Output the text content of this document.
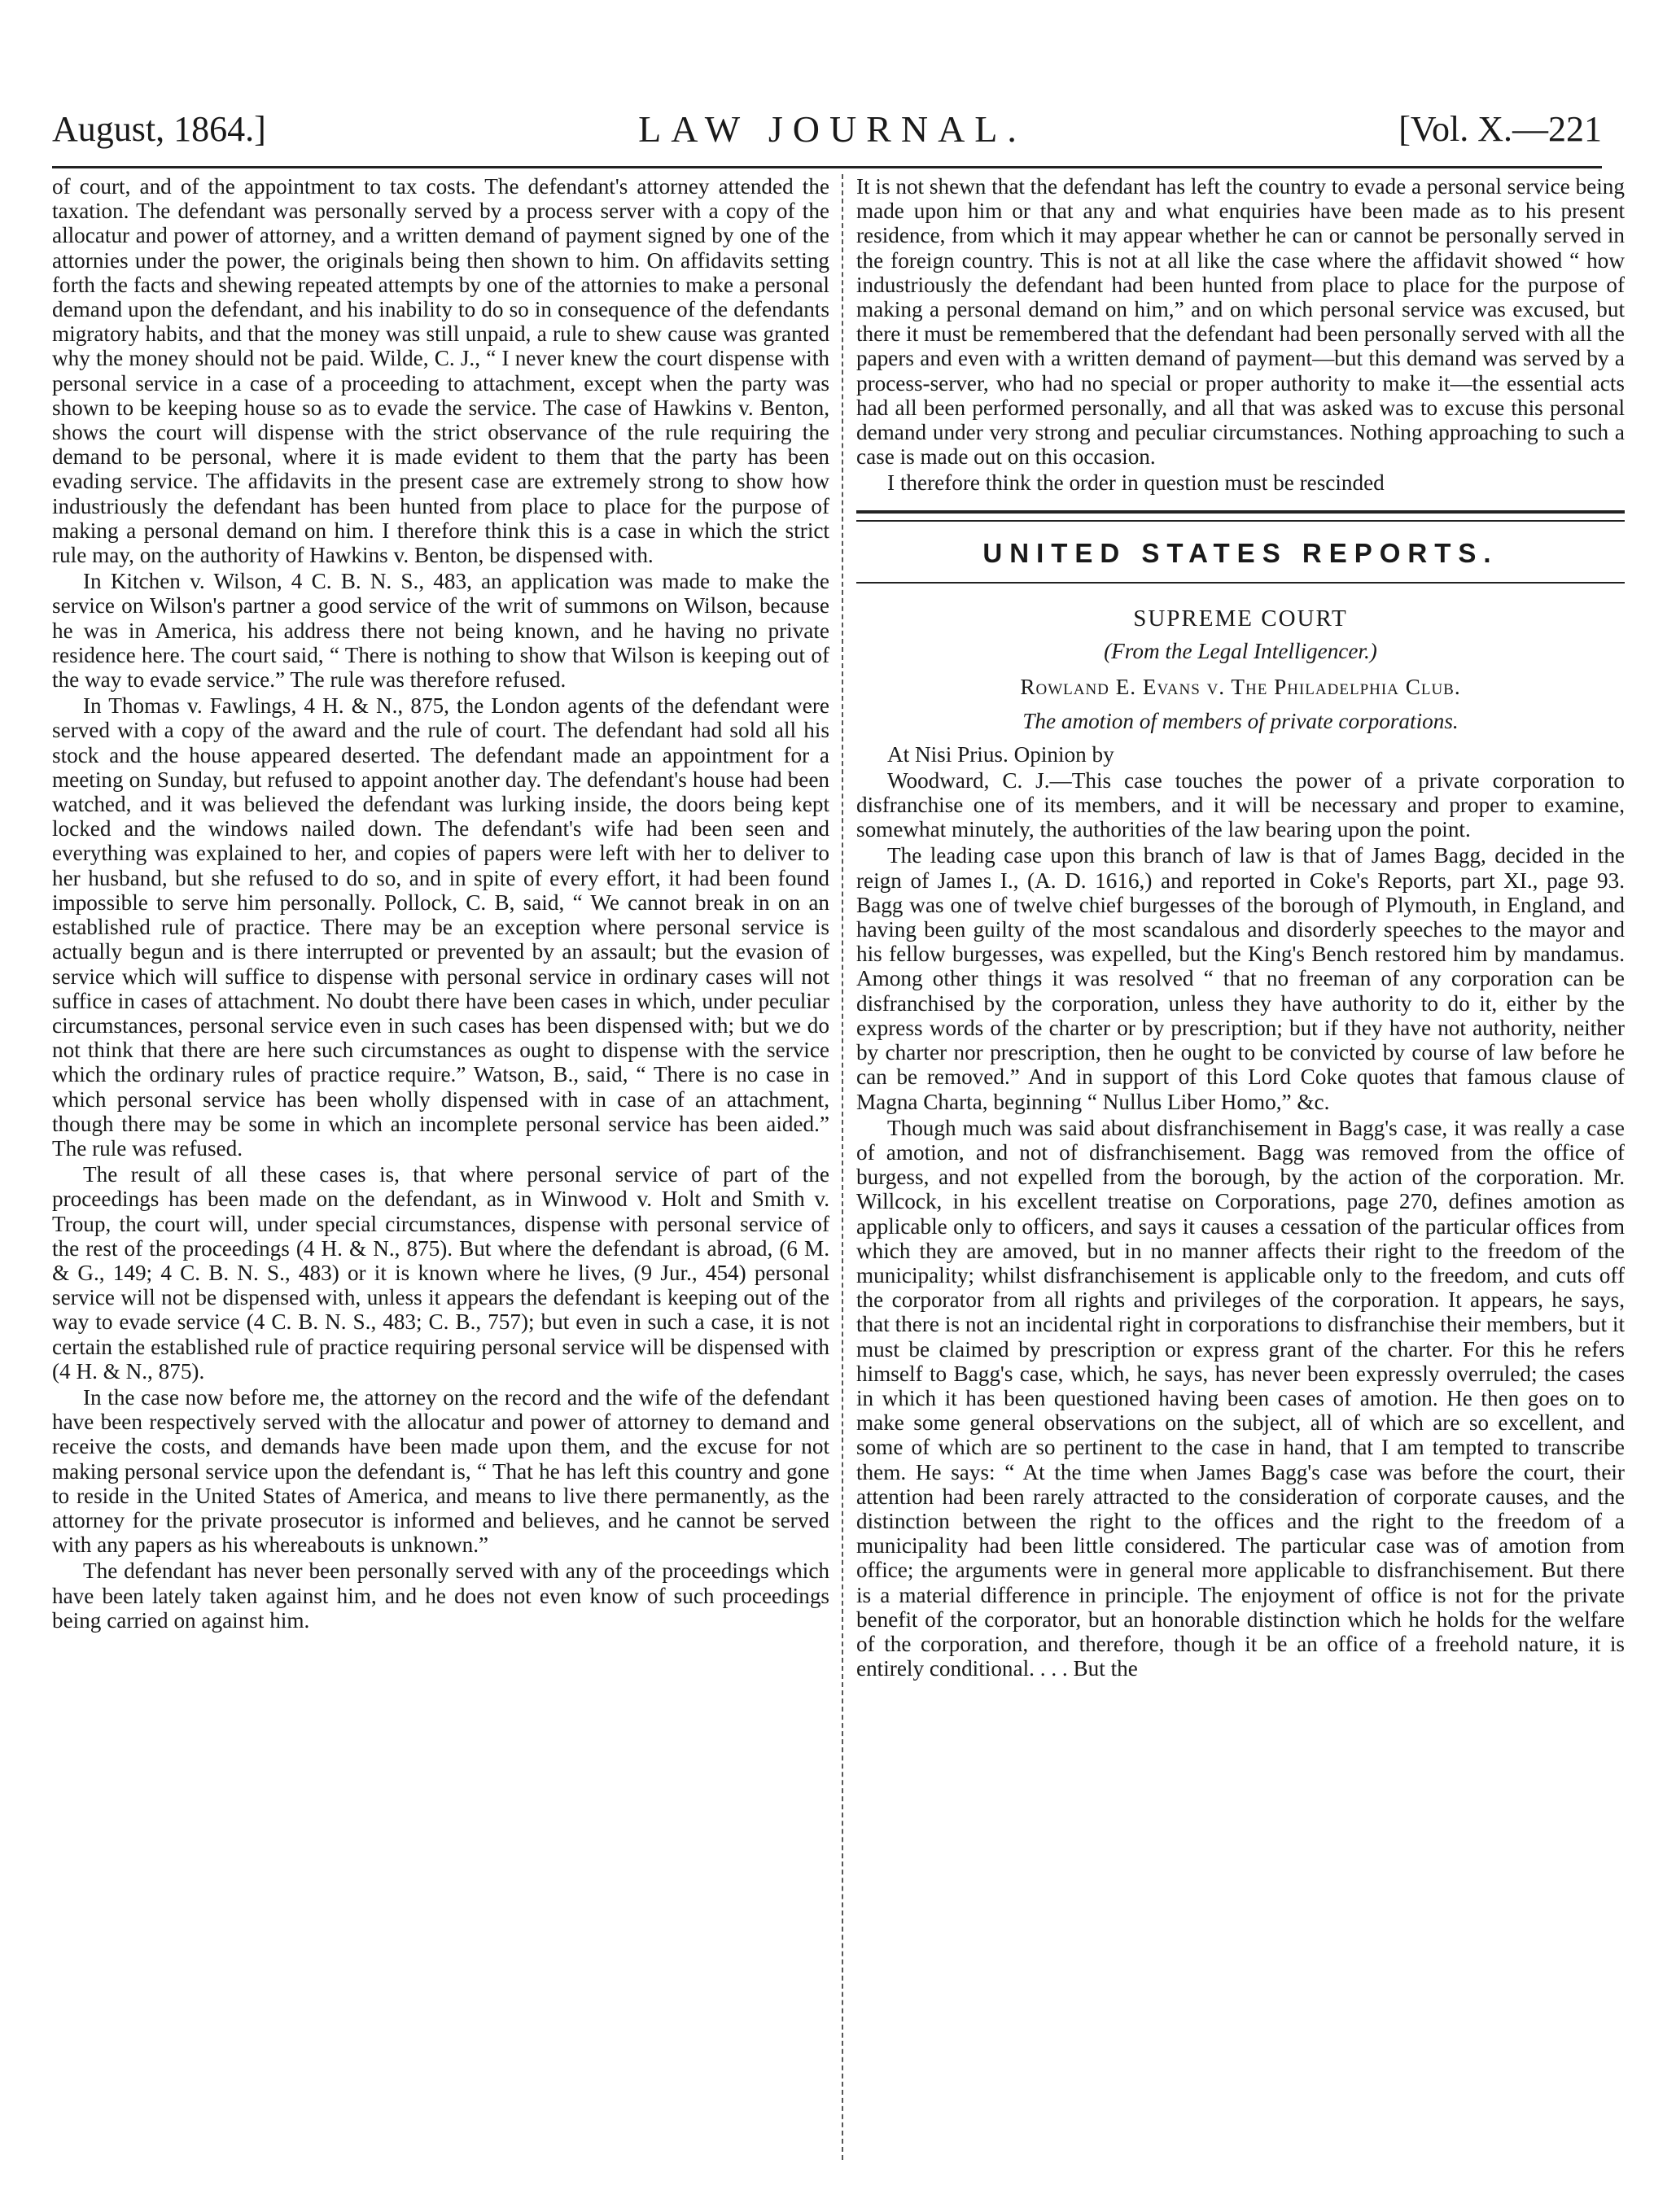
August, 1864.]	LAW JOURNAL.	[Vol. X.—221

of court, and of the appointment to tax costs. The defendant's attorney attended the taxation. The defendant was personally served by a process server with a copy of the allocatur and power of attorney, and a written demand of payment signed by one of the attornies under the power, the originals being then shown to him. On affidavits setting forth the facts and shewing repeated attempts by one of the attornies to make a personal demand upon the defendant, and his inability to do so in consequence of the defendants migratory habits, and that the money was still unpaid, a rule to shew cause was granted why the money should not be paid. Wilde, C. J., “ I never knew the court dispense with personal service in a case of a proceeding to attachment, except when the party was shown to be keeping house so as to evade the service. The case of Hawkins v. Benton, shows the court will dispense with the strict observance of the rule requiring the demand to be personal, where it is made evident to them that the party has been evading service. The affidavits in the present case are extremely strong to show how industriously the defendant has been hunted from place to place for the purpose of making a personal demand on him. I therefore think this is a case in which the strict rule may, on the authority of Hawkins v. Benton, be dispensed with.

In Kitchen v. Wilson, 4 C. B. N. S., 483, an application was made to make the service on Wilson's partner a good service of the writ of summons on Wilson, because he was in America, his address there not being known, and he having no private residence here. The court said, “ There is nothing to show that Wilson is keeping out of the way to evade service.” The rule was therefore refused.

In Thomas v. Fawlings, 4 H. & N., 875, the London agents of the defendant were served with a copy of the award and the rule of court. The defendant had sold all his stock and the house appeared deserted. The defendant made an appointment for a meeting on Sunday, but refused to appoint another day. The defendant's house had been watched, and it was believed the defendant was lurking inside, the doors being kept locked and the windows nailed down. The defendant's wife had been seen and everything was explained to her, and copies of papers were left with her to deliver to her husband, but she refused to do so, and in spite of every effort, it had been found impossible to serve him personally. Pollock, C. B, said, “ We cannot break in on an established rule of practice. There may be an exception where personal service is actually begun and is there interrupted or prevented by an assault; but the evasion of service which will suffice to dispense with personal service in ordinary cases will not suffice in cases of attachment. No doubt there have been cases in which, under peculiar circumstances, personal service even in such cases has been dispensed with; but we do not think that there are here such circumstances as ought to dispense with the service which the ordinary rules of practice require.” Watson, B., said, “ There is no case in which personal service has been wholly dispensed with in case of an attachment, though there may be some in which an incomplete personal service has been aided.” The rule was refused.

The result of all these cases is, that where personal service of part of the proceedings has been made on the defendant, as in Winwood v. Holt and Smith v. Troup, the court will, under special circumstances, dispense with personal service of the rest of the proceedings (4 H. & N., 875). But where the defendant is abroad, (6 M. & G., 149; 4 C. B. N. S., 483) or it is known where he lives, (9 Jur., 454) personal service will not be dispensed with, unless it appears the defendant is keeping out of the way to evade service (4 C. B. N. S., 483; C. B., 757); but even in such a case, it is not certain the established rule of practice requiring personal service will be dispensed with (4 H. & N., 875).

In the case now before me, the attorney on the record and the wife of the defendant have been respectively served with the allocatur and power of attorney to demand and receive the costs, and demands have been made upon them, and the excuse for not making personal service upon the defendant is, “ That he has left this country and gone to reside in the United States of America, and means to live there permanently, as the attorney for the private prosecutor is informed and believes, and he cannot be served with any papers as his whereabouts is unknown.”

The defendant has never been personally served with any of the proceedings which have been lately taken against him, and he does not even know of such proceedings being carried on against him.

It is not shewn that the defendant has left the country to evade a personal service being made upon him or that any and what enquiries have been made as to his present residence, from which it may appear whether he can or cannot be personally served in the foreign country. This is not at all like the case where the affidavit showed “ how industriously the defendant had been hunted from place to place for the purpose of making a personal demand on him,” and on which personal service was excused, but there it must be remembered that the defendant had been personally served with all the papers and even with a written demand of payment—but this demand was served by a process-server, who had no special or proper authority to make it—the essential acts had all been performed personally, and all that was asked was to excuse this personal demand under very strong and peculiar circumstances. Nothing approaching to such a case is made out on this occasion.

I therefore think the order in question must be rescinded

UNITED STATES REPORTS.
SUPREME COURT
(From the Legal Intelligencer.)
Rowland E. Evans v. The Philadelphia Club.
The amotion of members of private corporations.

At Nisi Prius. Opinion by

Woodward, C. J.—This case touches the power of a private corporation to disfranchise one of its members, and it will be necessary and proper to examine, somewhat minutely, the authorities of the law bearing upon the point.

The leading case upon this branch of law is that of James Bagg, decided in the reign of James I., (A. D. 1616,) and reported in Coke's Reports, part XI., page 93. Bagg was one of twelve chief burgesses of the borough of Plymouth, in England, and having been guilty of the most scandalous and disorderly speeches to the mayor and his fellow burgesses, was expelled, but the King's Bench restored him by mandamus. Among other things it was resolved “ that no freeman of any corporation can be disfranchised by the corporation, unless they have authority to do it, either by the express words of the charter or by prescription; but if they have not authority, neither by charter nor prescription, then he ought to be convicted by course of law before he can be removed.” And in support of this Lord Coke quotes that famous clause of Magna Charta, beginning “ Nullus Liber Homo,” &c.

Though much was said about disfranchisement in Bagg's case, it was really a case of amotion, and not of disfranchisement. Bagg was removed from the office of burgess, and not expelled from the borough, by the action of the corporation. Mr. Willcock, in his excellent treatise on Corporations, page 270, defines amotion as applicable only to officers, and says it causes a cessation of the particular offices from which they are amoved, but in no manner affects their right to the freedom of the municipality; whilst disfranchisement is applicable only to the freedom, and cuts off the corporator from all rights and privileges of the corporation. It appears, he says, that there is not an incidental right in corporations to disfranchise their members, but it must be claimed by prescription or express grant of the charter. For this he refers himself to Bagg's case, which, he says, has never been expressly overruled; the cases in which it has been questioned having been cases of amotion. He then goes on to make some general observations on the subject, all of which are so excellent, and some of which are so pertinent to the case in hand, that I am tempted to transcribe them. He says: “ At the time when James Bagg's case was before the court, their attention had been rarely attracted to the consideration of corporate causes, and the distinction between the right to the offices and the right to the freedom of a municipality had been little considered. The particular case was of amotion from office; the arguments were in general more applicable to disfranchisement. But there is a material difference in principle. The enjoyment of office is not for the private benefit of the corporator, but an honorable distinction which he holds for the welfare of the corporation, and therefore, though it be an office of a freehold nature, it is entirely conditional. . . . But the
